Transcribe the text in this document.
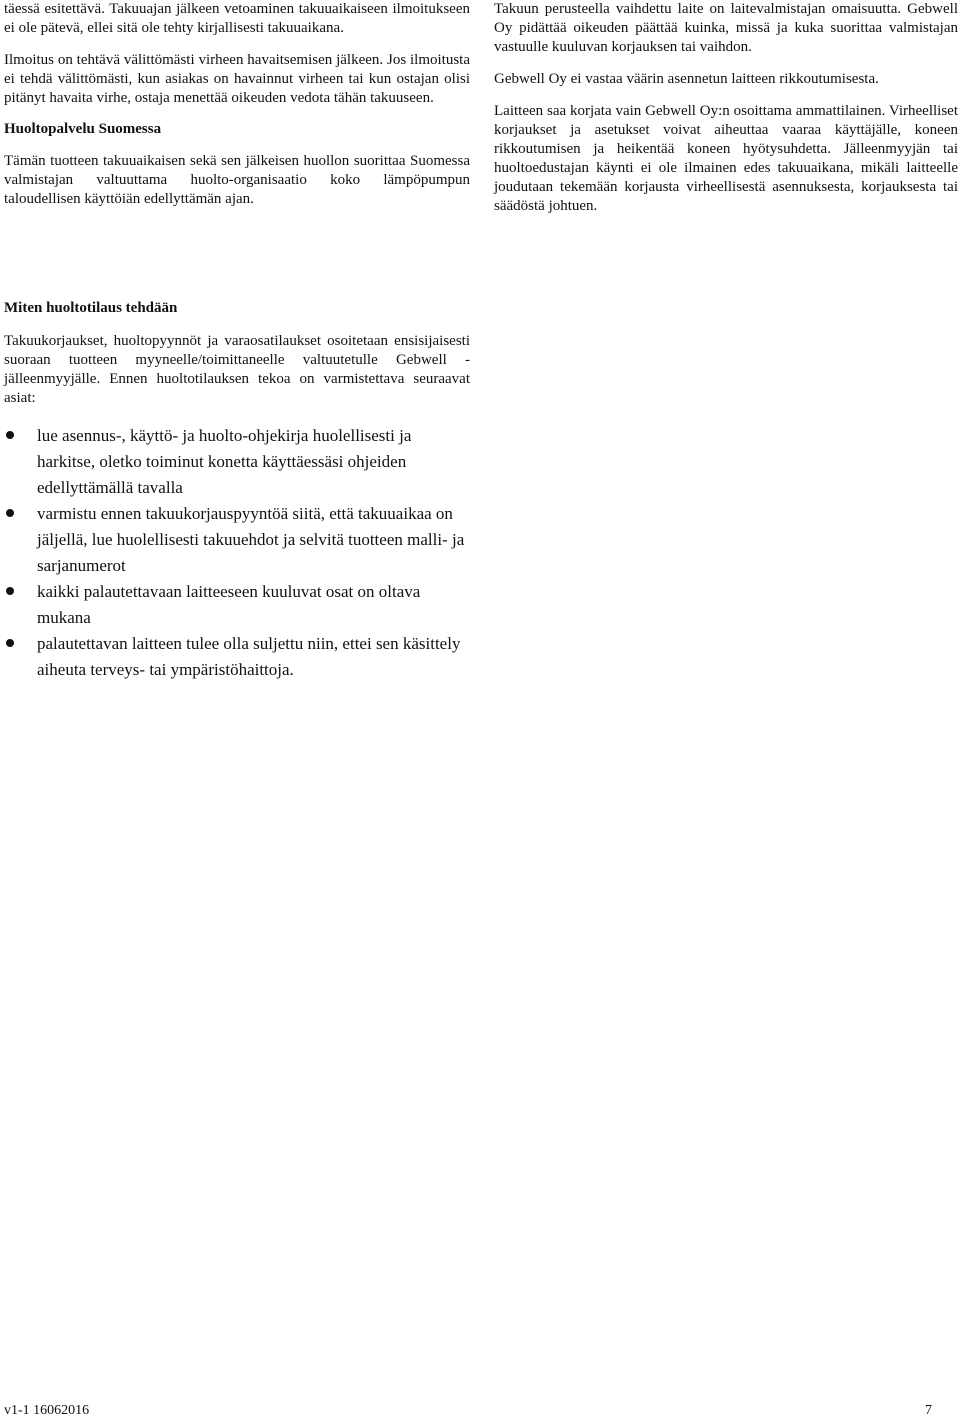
täessä esitettävä. Takuuajan jälkeen vetoaminen takuuaikaiseen ilmoitukseen ei ole pätevä, ellei sitä ole tehty kirjallisesti takuuaikana.

Ilmoitus on tehtävä välittömästi virheen havaitsemisen jälkeen. Jos ilmoitusta ei tehdä välittömästi, kun asiakas on havainnut virheen tai kun ostajan olisi pitänyt havaita virhe, ostaja menettää oikeuden vedota tähän takuuseen.

Huoltopalvelu Suomessa

Tämän tuotteen takuuaikaisen sekä sen jälkeisen huollon suorittaa Suomessa valmistajan valtuuttama huolto-organisaatio koko lämpöpumpun taloudellisen käyttöiän edellyttämän ajan.

Takuun perusteella vaihdettu laite on laitevalmistajan omaisuutta. Gebwell Oy pidättää oikeuden päättää kuinka, missä ja kuka suorittaa valmistajan vastuulle kuuluvan korjauksen tai vaihdon.

Gebwell Oy ei vastaa väärin asennetun laitteen rikkoutumisesta.

Laitteen saa korjata vain Gebwell Oy:n osoittama ammattilainen. Virheelliset korjaukset ja asetukset voivat aiheuttaa vaaraa käyttäjälle, koneen rikkoutumisen ja heikentää koneen hyötysuhdetta. Jälleenmyyjän tai huoltoedustajan käynti ei ole ilmainen edes takuuaikana, mikäli laitteelle joudutaan tekemään korjausta virheellisestä asennuksesta, korjauksesta tai säädöstä johtuen.

Miten huoltotilaus tehdään

Takuukorjaukset, huoltopyynnöt ja varaosatilaukset osoitetaan ensisijaisesti suoraan tuotteen myyneelle/toimittaneelle valtuutetulle Gebwell -jälleenmyyjälle. Ennen huoltotilauksen tekoa on varmistettava seuraavat asiat:

lue asennus-, käyttö- ja huolto-ohjekirja huolellisesti ja harkitse, oletko toiminut konetta käyttäessäsi ohjeiden edellyttämällä tavalla
varmistu ennen takuukorjauspyyntöä siitä, että takuuaikaa on jäljellä, lue huolellisesti takuuehdot ja selvitä tuotteen malli- ja sarjanumerot
kaikki palautettavaan laitteeseen kuuluvat osat on oltava mukana
palautettavan laitteen tulee olla suljettu niin, ettei sen käsittely aiheuta terveys- tai ympäristöhaittoja.
v1-1 16062016	7
